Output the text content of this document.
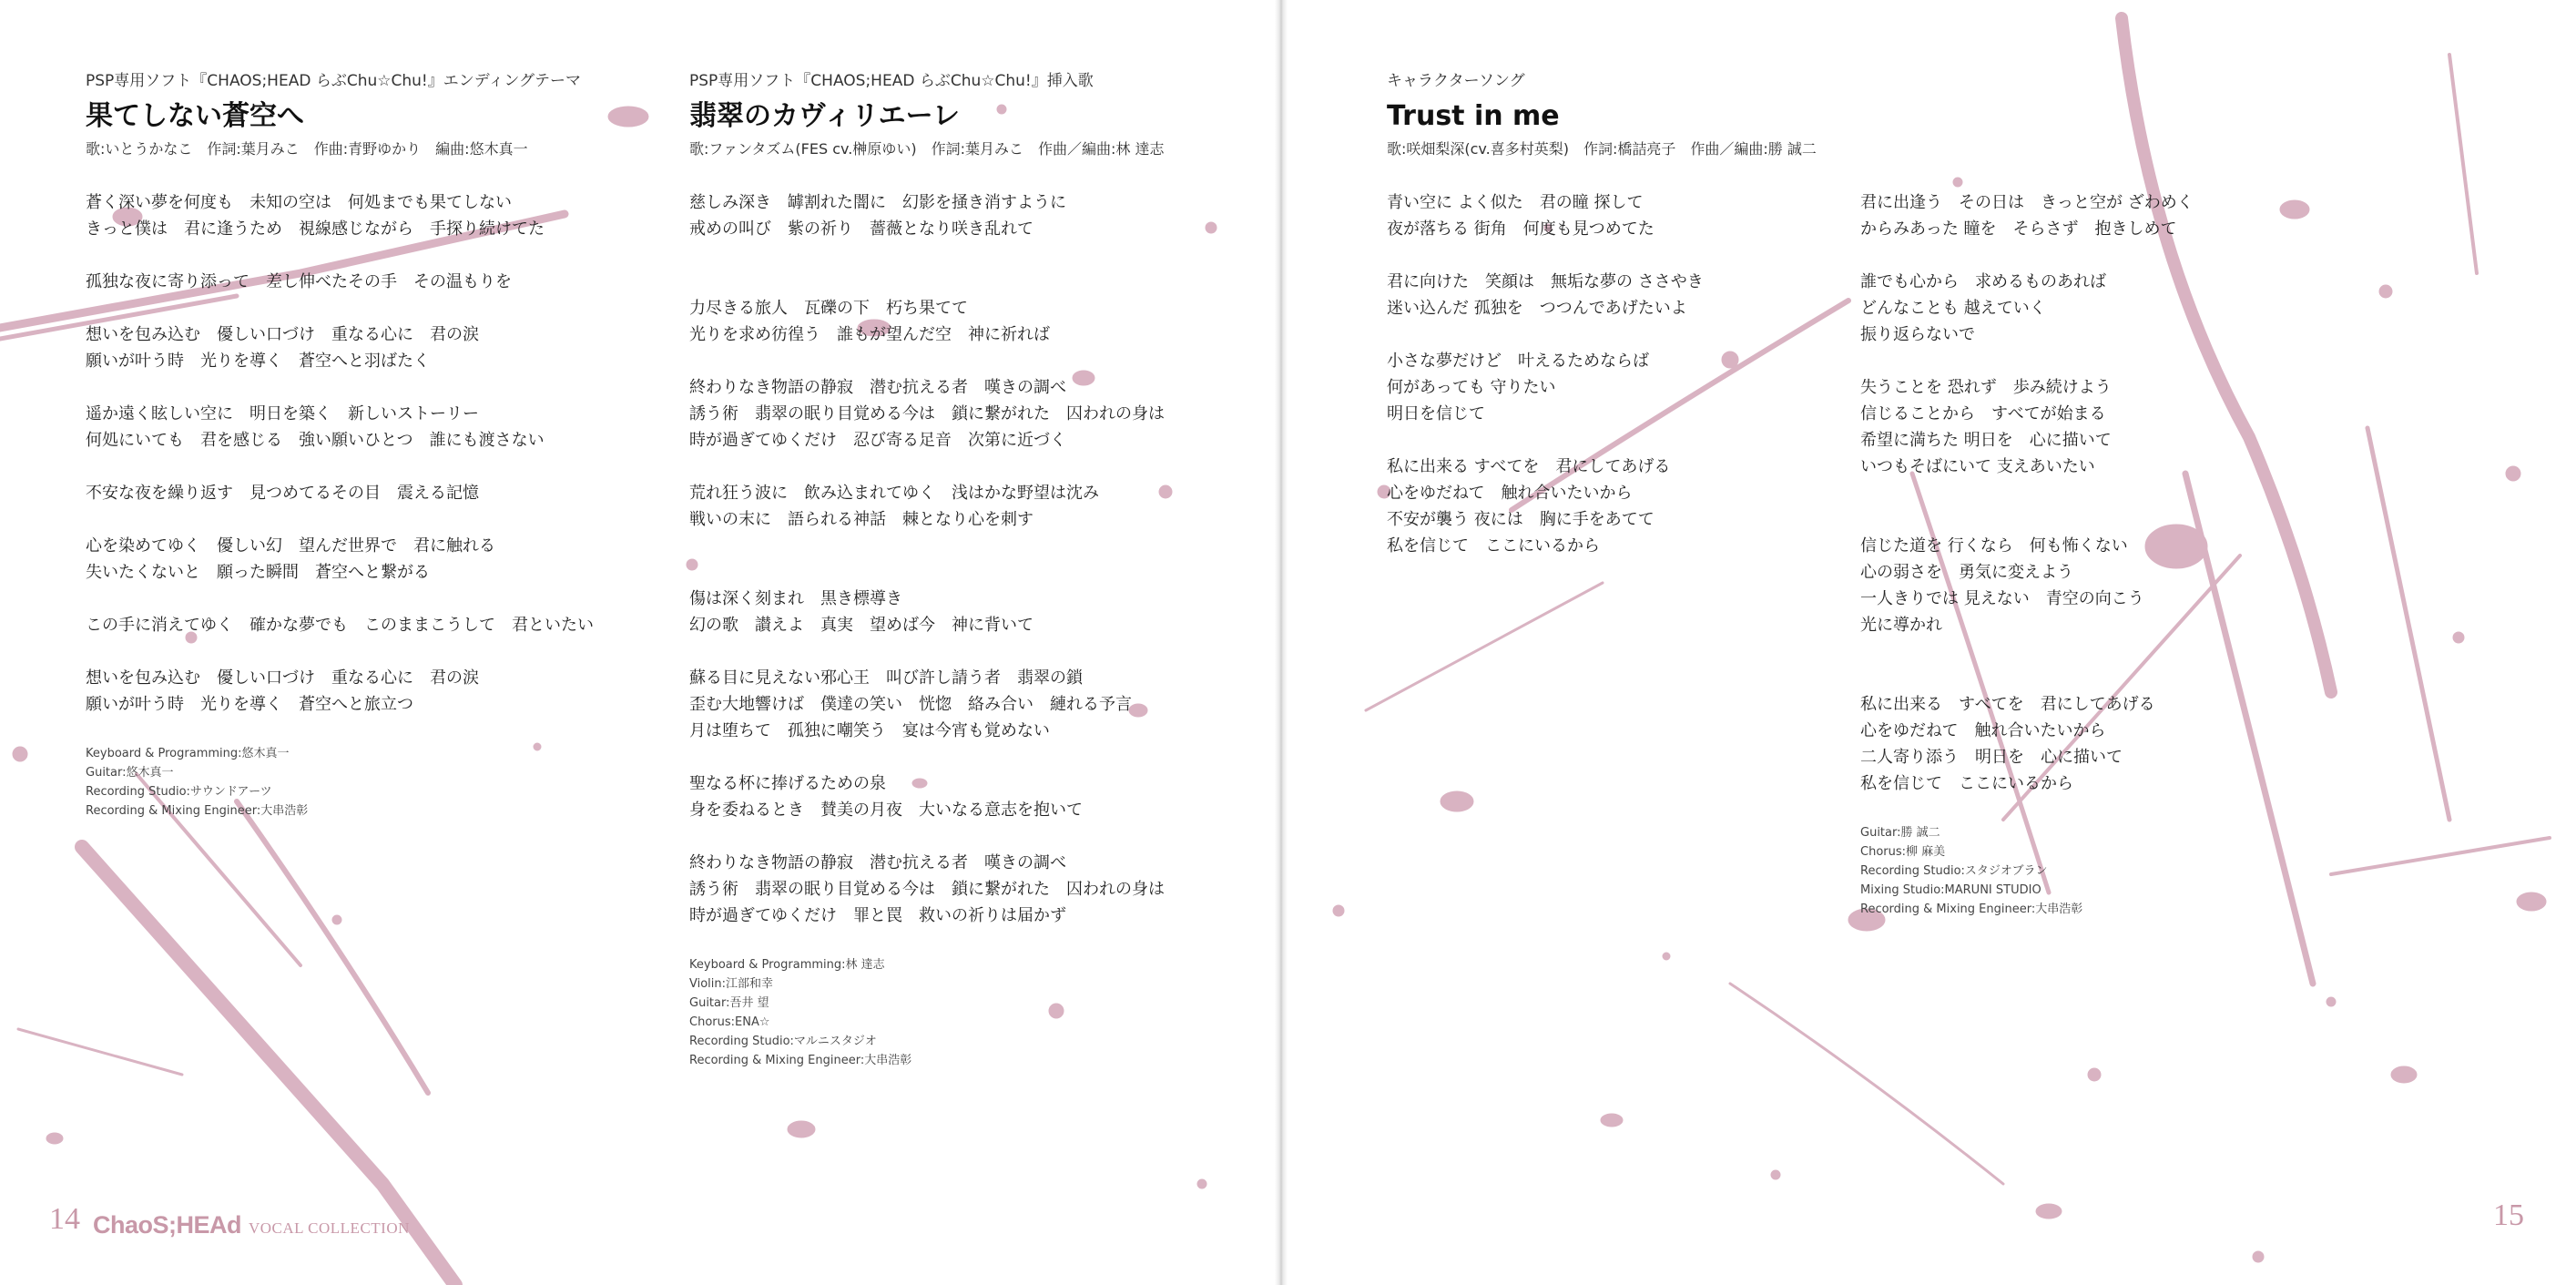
PSP専用ソフト『CHAOS;HEAD らぶChu☆Chu!』エンディングテーマ
果てしない蒼空へ
歌:いとうかなこ　作詞:葉月みこ　作曲:青野ゆかり　編曲:悠木真一
蒼く深い夢を何度も　未知の空は　何処までも果てしない
きっと僕は　君に逢うため　視線感じながら　手探り続けてた
孤独な夜に寄り添って　差し伸べたその手　その温もりを
想いを包み込む　優しい口づけ　重なる心に　君の涙
願いが叶う時　光りを導く　蒼空へと羽ばたく
遥か遠く眩しい空に　明日を築く　新しいストーリー
何処にいても　君を感じる　強い願いひとつ　誰にも渡さない
不安な夜を繰り返す　見つめてるその目　震える記憶
心を染めてゆく　優しい幻　望んだ世界で　君に触れる
失いたくないと　願った瞬間　蒼空へと繋がる
この手に消えてゆく　確かな夢でも　このままこうして　君といたい
想いを包み込む　優しい口づけ　重なる心に　君の涙
願いが叶う時　光りを導く　蒼空へと旅立つ
Keyboard & Programming:悠木真一
Guitar:悠木真一
Recording Studio:サウンドアーツ
Recording & Mixing Engineer:大串浩彰
PSP専用ソフト『CHAOS;HEAD らぶChu☆Chu!』挿入歌
翡翠のカヴィリエーレ
歌:ファンタズム(FES cv.榊原ゆい)　作詞:葉月みこ　作曲／編曲:林 達志
慈しみ深き　罅割れた闇に　幻影を掻き消すように
戒めの叫び　紫の祈り　薔薇となり咲き乱れて
力尽きる旅人　瓦礫の下　朽ち果てて
光りを求め彷徨う　誰もが望んだ空　神に祈れば
終わりなき物語の静寂　潜む抗える者　嘆きの調べ
誘う術　翡翠の眠り目覚める今は　鎖に繋がれた　囚われの身は
時が過ぎてゆくだけ　忍び寄る足音　次第に近づく
荒れ狂う波に　飲み込まれてゆく　浅はかな野望は沈み
戦いの末に　語られる神話　棘となり心を刺す
傷は深く刻まれ　黒き標導き
幻の歌　讃えよ　真実　望めば今　神に背いて
蘇る目に見えない邪心王　叫び許し請う者　翡翠の鎖
歪む大地響けば　僕達の笑い　恍惚　絡み合い　縺れる予言
月は堕ちて　孤独に嘲笑う　宴は今宵も覚めない
聖なる杯に捧げるための泉
身を委ねるとき　賛美の月夜　大いなる意志を抱いて
終わりなき物語の静寂　潜む抗える者　嘆きの調べ
誘う術　翡翠の眠り目覚める今は　鎖に繋がれた　囚われの身は
時が過ぎてゆくだけ　罪と罠　救いの祈りは届かず
Keyboard & Programming:林 達志
Violin:江部和幸
Guitar:吾井 望
Chorus:ENA☆
Recording Studio:マルニスタジオ
Recording & Mixing Engineer:大串浩彰
キャラクターソング
Trust in me
歌:咲畑梨深(cv.喜多村英梨)　作詞:橋詰亮子　作曲／編曲:勝 誠二
青い空に よく似た　君の瞳 探して
夜が落ちる 街角　何度も見つめてた
君に向けた　笑顔は　無垢な夢の ささやき
迷い込んだ 孤独を　つつんであげたいよ
小さな夢だけど　叶えるためならば
何があっても 守りたい
明日を信じて
私に出来る すべてを　君にしてあげる
心をゆだねて　触れ合いたいから
不安が襲う 夜には　胸に手をあてて
私を信じて　ここにいるから
君に出逢う　その日は　きっと空が ざわめく
からみあった 瞳を　そらさず　抱きしめて
誰でも心から　求めるものあれば
どんなことも 越えていく
振り返らないで
失うことを 恐れず　歩み続けよう
信じることから　すべてが始まる
希望に満ちた 明日を　心に描いて
いつもそばにいて 支えあいたい
信じた道を 行くなら　何も怖くない
心の弱さを　勇気に変えよう
一人きりでは 見えない　青空の向こう
光に導かれ
私に出来る　すべてを　君にしてあげる
心をゆだねて　触れ合いたいから
二人寄り添う　明日を　心に描いて
私を信じて　ここにいるから
Guitar:勝 誠二
Chorus:柳 麻美
Recording Studio:スタジオブラン
Mixing Studio:MARUNI STUDIO
Recording & Mixing Engineer:大串浩彰
14 ChaoS;HEAd VOCAL COLLECTION	15
